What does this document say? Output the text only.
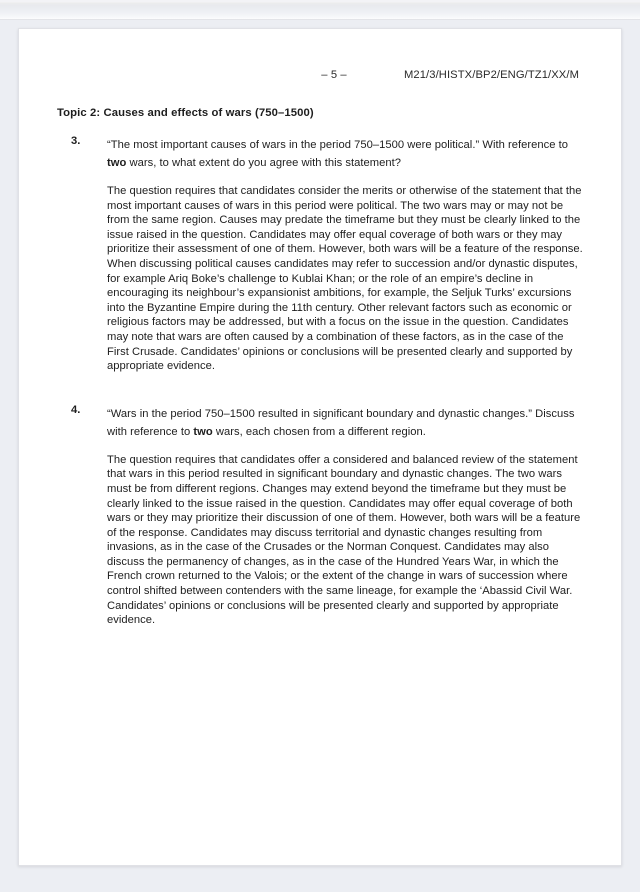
– 5 –	M21/3/HISTX/BP2/ENG/TZ1/XX/M
Topic 2: Causes and effects of wars (750–1500)
3. “The most important causes of wars in the period 750–1500 were political.” With reference to two wars, to what extent do you agree with this statement?
The question requires that candidates consider the merits or otherwise of the statement that the most important causes of wars in this period were political. The two wars may or may not be from the same region. Causes may predate the timeframe but they must be clearly linked to the issue raised in the question. Candidates may offer equal coverage of both wars or they may prioritize their assessment of one of them. However, both wars will be a feature of the response. When discussing political causes candidates may refer to succession and/or dynastic disputes, for example Ariq Boke’s challenge to Kublai Khan; or the role of an empire’s decline in encouraging its neighbour’s expansionist ambitions, for example, the Seljuk Turks’ excursions into the Byzantine Empire during the 11th century. Other relevant factors such as economic or religious factors may be addressed, but with a focus on the issue in the question. Candidates may note that wars are often caused by a combination of these factors, as in the case of the First Crusade. Candidates’ opinions or conclusions will be presented clearly and supported by appropriate evidence.
4. “Wars in the period 750–1500 resulted in significant boundary and dynastic changes.” Discuss with reference to two wars, each chosen from a different region.
The question requires that candidates offer a considered and balanced review of the statement that wars in this period resulted in significant boundary and dynastic changes. The two wars must be from different regions. Changes may extend beyond the timeframe but they must be clearly linked to the issue raised in the question. Candidates may offer equal coverage of both wars or they may prioritize their discussion of one of them. However, both wars will be a feature of the response. Candidates may discuss territorial and dynastic changes resulting from invasions, as in the case of the Crusades or the Norman Conquest. Candidates may also discuss the permanency of changes, as in the case of the Hundred Years War, in which the French crown returned to the Valois; or the extent of the change in wars of succession where control shifted between contenders with the same lineage, for example the ‘Abassid Civil War. Candidates’ opinions or conclusions will be presented clearly and supported by appropriate evidence.
